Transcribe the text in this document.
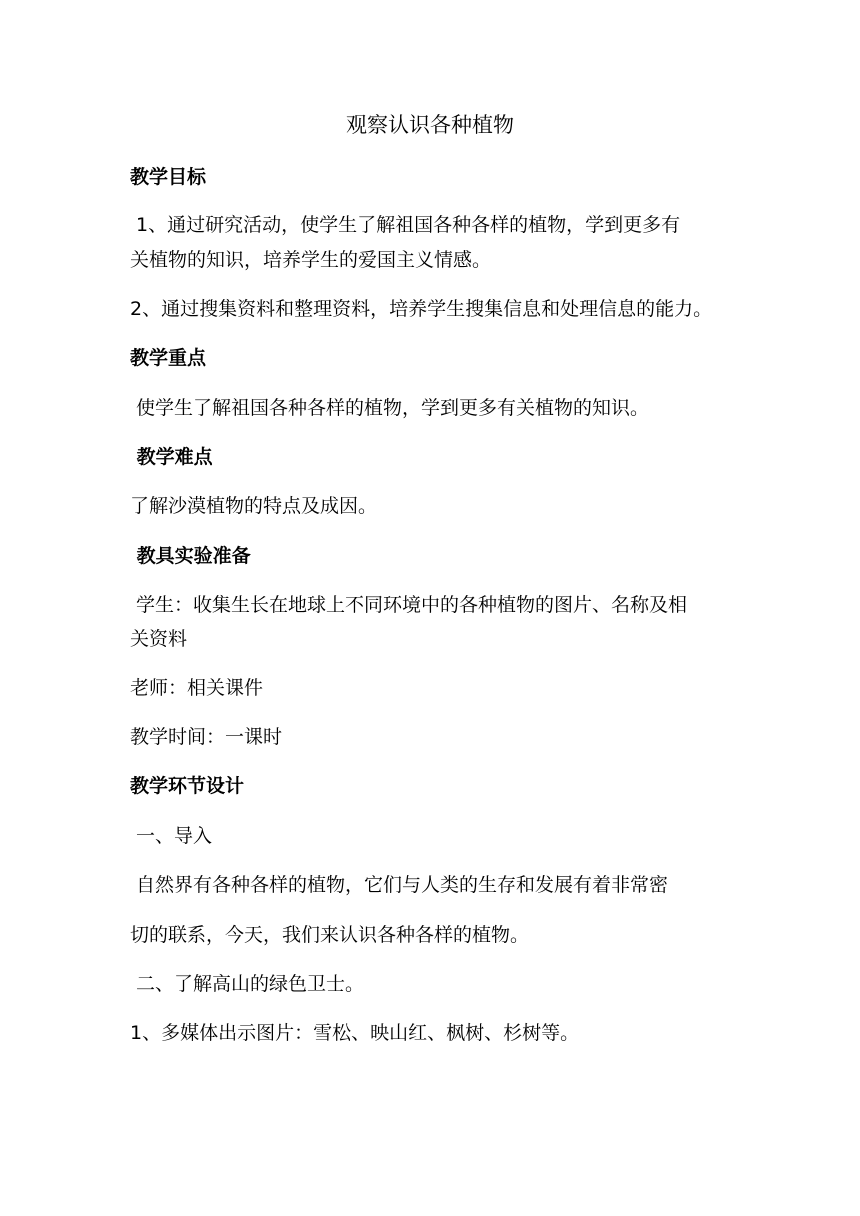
观察认识各种植物
教学目标
1、通过研究活动，使学生了解祖国各种各样的植物，学到更多有
关植物的知识，培养学生的爱国主义情感。
2、通过搜集资料和整理资料，培养学生搜集信息和处理信息的能力。
教学重点
使学生了解祖国各种各样的植物，学到更多有关植物的知识。
教学难点
了解沙漠植物的特点及成因。
教具实验准备
学生：收集生长在地球上不同环境中的各种植物的图片、名称及相
关资料
老师：相关课件
教学时间：一课时
教学环节设计
一、导入
自然界有各种各样的植物，它们与人类的生存和发展有着非常密
切的联系，今天，我们来认识各种各样的植物。
二、了解高山的绿色卫士。
1、多媒体出示图片：雪松、映山红、枫树、杉树等。
